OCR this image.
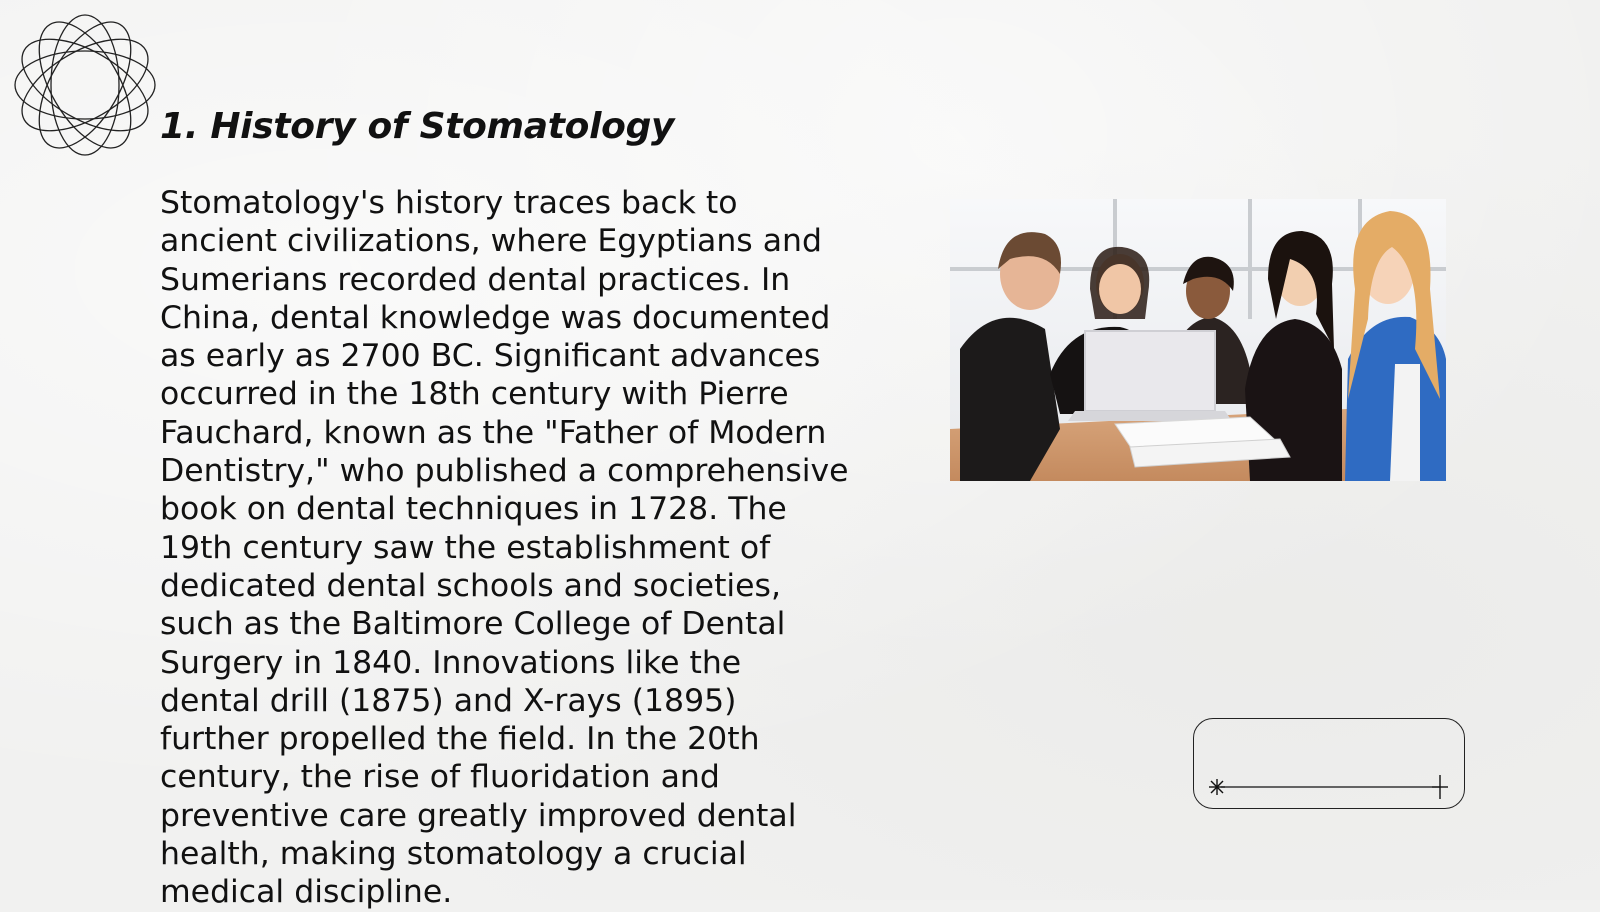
1. History of Stomatology

Stomatology's history traces back to ancient civilizations, where Egyptians and Sumerians recorded dental practices. In China, dental knowledge was documented as early as 2700 BC. Significant advances occurred in the 18th century with Pierre Fauchard, known as the "Father of Modern Dentistry," who published a comprehensive book on dental techniques in 1728. The 19th century saw the establishment of dedicated dental schools and societies, such as the Baltimore College of Dental Surgery in 1840. Innovations like the dental drill (1875) and X-rays (1895) further propelled the field. In the 20th century, the rise of fluoridation and preventive care greatly improved dental health, making stomatology a crucial medical discipline.
